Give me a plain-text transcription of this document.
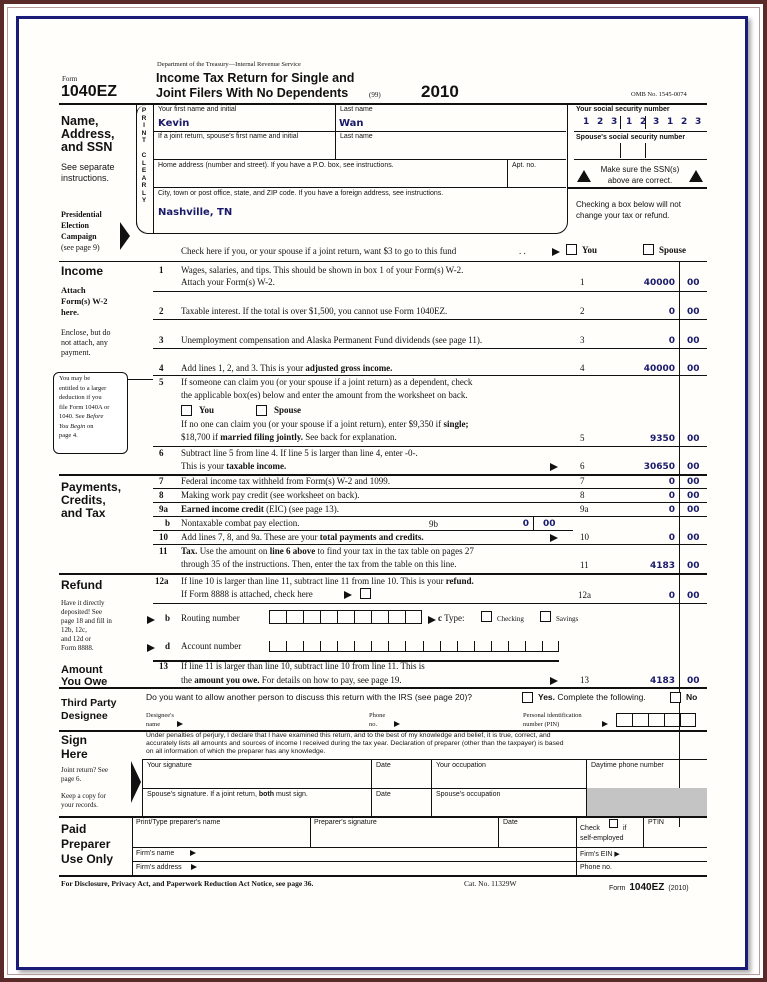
Form
1040EZ
Department of the Treasury—Internal Revenue Service
Income Tax Return for Single and
Joint Filers With No Dependents	(99) 2010	OMB No. 1545-0074
Name,
Address,
and SSN
See separate
instructions.
Presidential
Election
Campaign
(see page 9)
P
R
I
N
T

C
L
E
A
R
L
Y
Your first name and initial
Kevin
Last name
Wan
If a joint return, spouse's first name and initial	Last name
Home address (number and street). If you have a P.O. box, see instructions.	Apt. no.
City, town or post office, state, and ZIP code. If you have a foreign address, see instructions.
Nashville, TN
Your social security number
1 2 3 1 2 3 1 2 3
Spouse's social security number
Make sure the SSN(s)
above are correct.
Checking a box below will not
change your tax or refund.
Check here if you, or your spouse if a joint return, want $3 to go to this fund	. .	You	Spouse
Income
Attach
Form(s) W-2
here.
Enclose, but do
not attach, any
payment.
You may be
entitled to a larger
deduction if you
file Form 1040A or
1040. See Before
You Begin on
page 4.
1 Wages, salaries, and tips. This should be shown in box 1 of your Form(s) W-2.
Attach your Form(s) W-2.	1	40000 00
2 Taxable interest. If the total is over $1,500, you cannot use Form 1040EZ.	2	0 00
3 Unemployment compensation and Alaska Permanent Fund dividends (see page 11).	3	0 00
4 Add lines 1, 2, and 3. This is your adjusted gross income.	4	40000 00
5 If someone can claim you (or your spouse if a joint return) as a dependent, check
the applicable box(es) below and enter the amount from the worksheet on back.
You	Spouse
If no one can claim you (or your spouse if a joint return), enter $9,350 if single;
$18,700 if married filing jointly. See back for explanation.	5	9350 00
6 Subtract line 5 from line 4. If line 5 is larger than line 4, enter -0-.
This is your taxable income.	6	30650 00
Payments,
Credits,
and Tax
7 Federal income tax withheld from Form(s) W-2 and 1099.	7	0 00
8 Making work pay credit (see worksheet on back).	8	0 00
9a Earned income credit (EIC) (see page 13).	9a	0 00
b Nontaxable combat pay election.	9b	0 00
10 Add lines 7, 8, and 9a. These are your total payments and credits.	10	0 00
11 Tax. Use the amount on line 6 above to find your tax in the tax table on pages 27
through 35 of the instructions. Then, enter the tax from the table on this line.	11	4183 00
Refund
Have it directly
deposited! See
page 18 and fill in
12b, 12c,
and 12d or
Form 8888.
12a If line 10 is larger than line 11, subtract line 11 from line 10. This is your refund.
If Form 8888 is attached, check here	12a	0 00
b Routing number	c Type:	Checking	Savings
d Account number
Amount
You Owe
13 If line 11 is larger than line 10, subtract line 10 from line 11. This is
the amount you owe. For details on how to pay, see page 19.	13	4183 00
Third Party
Designee
Do you want to allow another person to discuss this return with the IRS (see page 20)?	Yes. Complete the following.	No
Designee's
name
Phone
no.
Personal identification
number (PIN)
Sign
Here
Under penalties of perjury, I declare that I have examined this return, and to the best of my knowledge and belief, it is true, correct, and
accurately lists all amounts and sources of income I received during the tax year. Declaration of preparer (other than the taxpayer) is based
on all information of which the preparer has any knowledge.
Joint return? See
page 6.
Keep a copy for
your records.
Your signature	Date	Your occupation	Daytime phone number
Spouse's signature. If a joint return, both must sign.	Date	Spouse's occupation
Paid
Preparer
Use Only
Print/Type preparer's name	Preparer's signature	Date
Check	if
self-employed
PTIN
Firm's name	Firm's EIN ▶
Firm's address	Phone no.
For Disclosure, Privacy Act, and Paperwork Reduction Act Notice, see page 36.	Cat. No. 11329W
Form 1040EZ (2010)
